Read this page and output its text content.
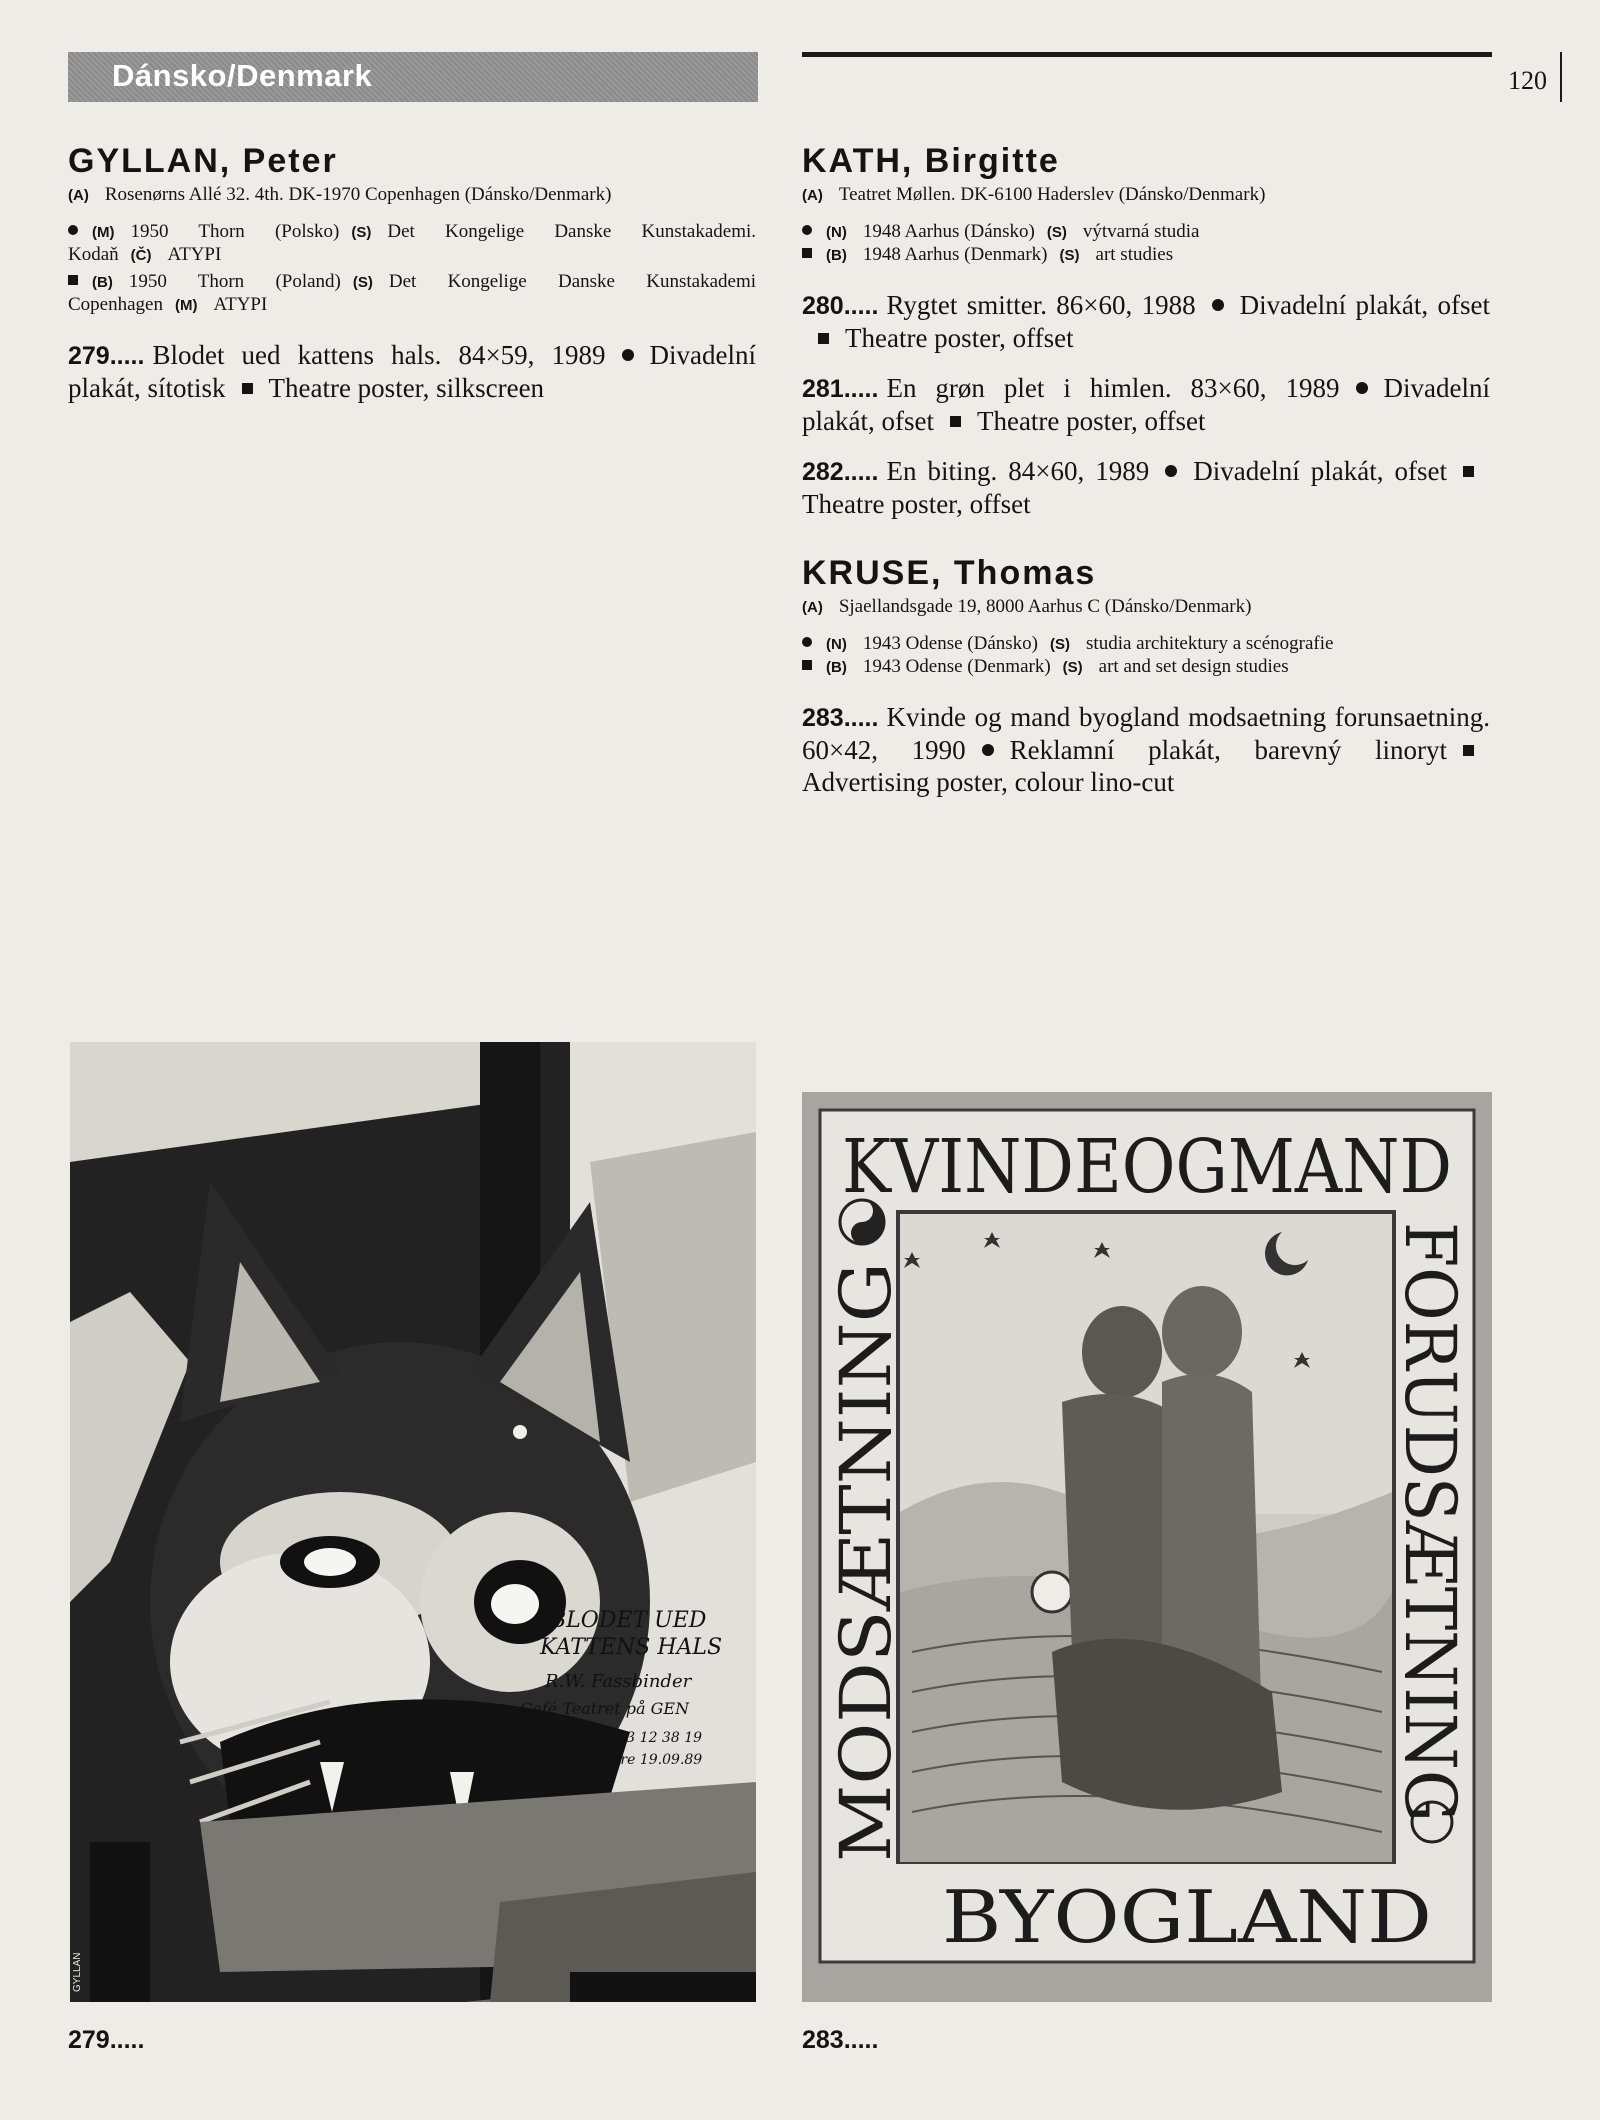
Dánsko/Denmark	120
GYLLAN, Peter
(A) Rosenørns Allé 32. 4th. DK-1970 Copenhagen (Dánsko/Denmark)
(M) 1950 Thorn (Polsko) (S) Det Kongelige Danske Kunstakademi. Kodaň (Č) ATYPI
(B) 1950 Thorn (Poland) (S) Det Kongelige Danske Kunstakademi Copenhagen (M) ATYPI
279..... Blodet ued kattens hals. 84×59, 1989 Divadelní plakát, sítotisk Theatre poster, silkscreen
KATH, Birgitte
(A) Teatret Møllen. DK-6100 Haderslev (Dánsko/Denmark)
(N) 1948 Aarhus (Dánsko) (S) výtvarná studia
(B) 1948 Aarhus (Denmark) (S) art studies
280..... Rygtet smitter. 86×60, 1988 Divadelní plakát, ofsetTheatre poster, offset
281..... En grøn plet i himlen. 83×60, 1989 Divadelní plakát, ofset Theatre poster, offset
282..... En biting. 84×60, 1989 Divadelní plakát, ofsetTheatre poster, offset
KRUSE, Thomas
(A) Sjaellandsgade 19, 8000 Aarhus C (Dánsko/Denmark)
(N) 1943 Odense (Dánsko) (S) studia architektury a scénografie
(B) 1943 Odense (Denmark) (S) art and set design studies
283..... Kvinde og mand byogland modsaetning forunsaetning. 60×42, 1990 Reklamní plakát, barevný linorytAdvertising poster, colour lino-cut
GYLLAN
BLODET UED
KATTENS HALS
R.W. Fassbinder
Café Teatret på GEN
Tlf. 33 12 38 19
Premiere 19.09.89
279.....
KVINDEOGMAND
BYOGLAND
MODSÆTNING	FORUDSÆTNING
283.....
